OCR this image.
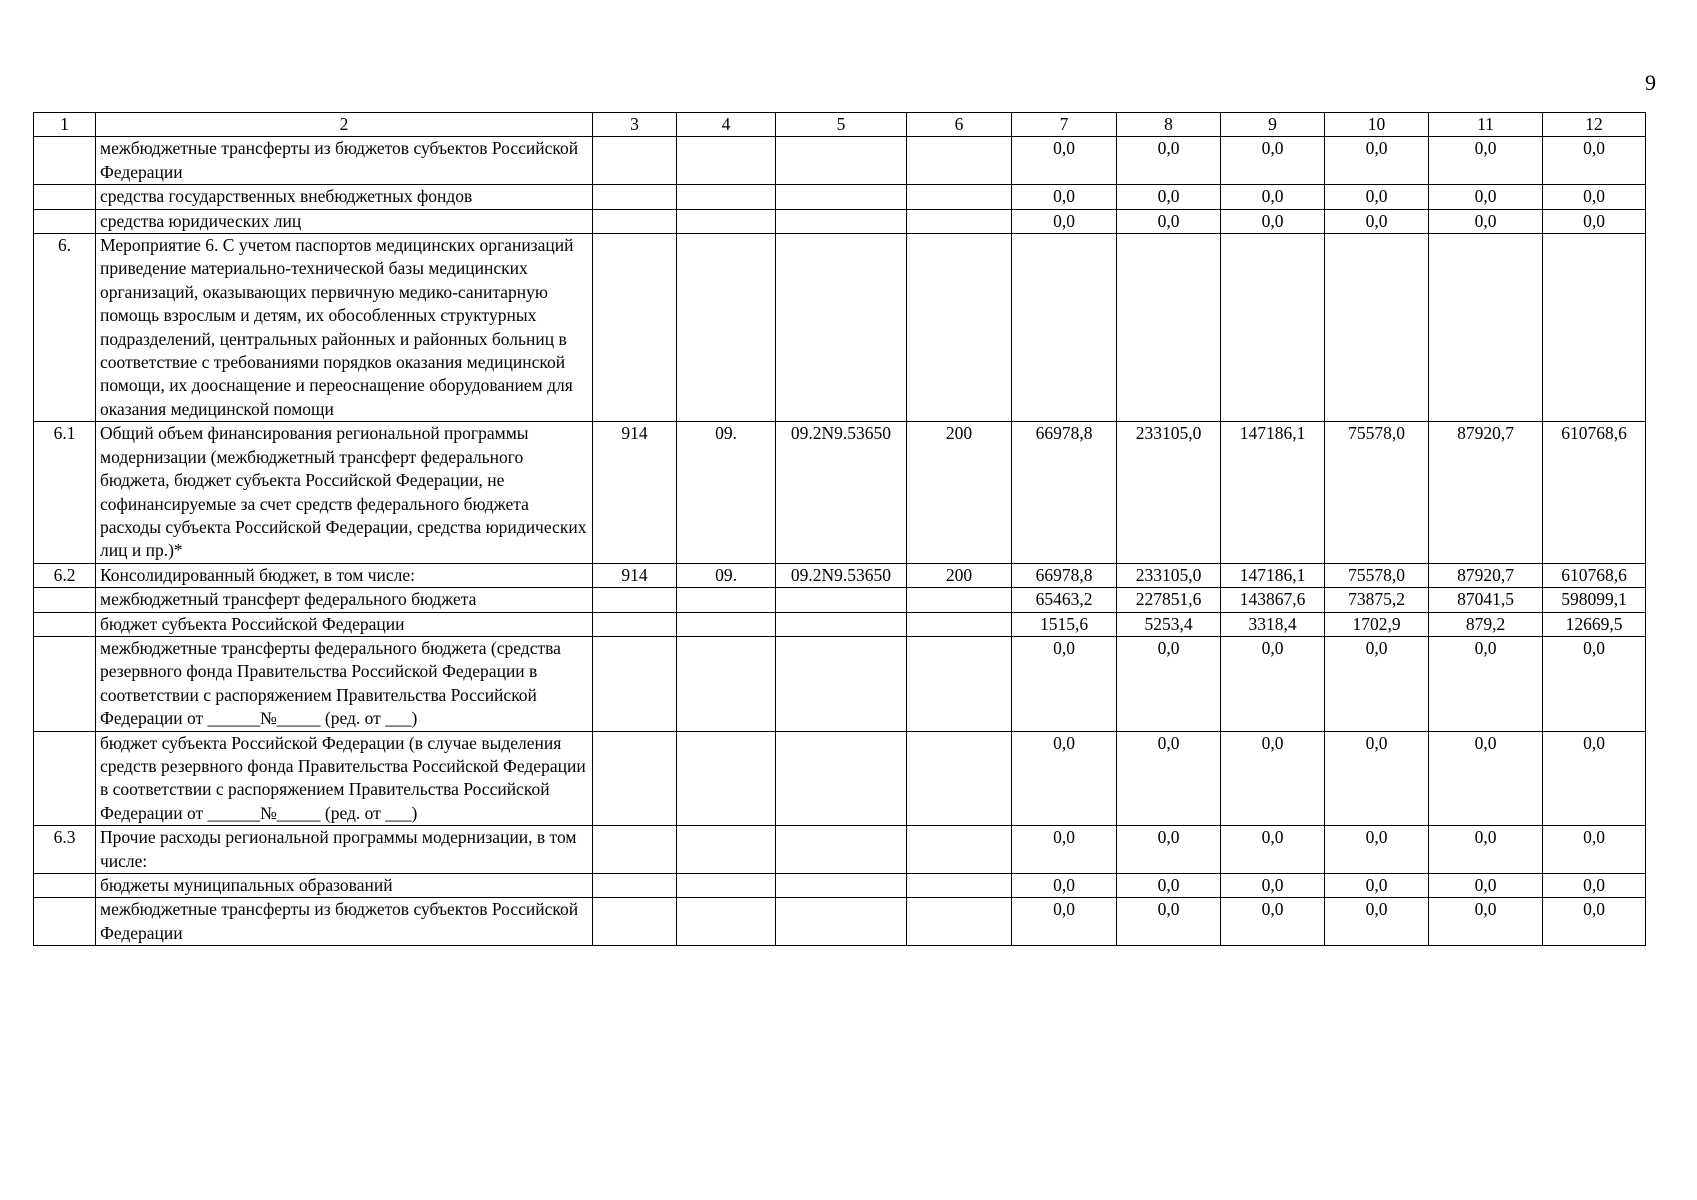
9
1	2	3	4	5	6	7	8	9	10	11	12
	межбюджетные трансферты из бюджетов субъектов Российской Федерации					0,0	0,0	0,0	0,0	0,0	0,0
	средства государственных внебюджетных фондов					0,0	0,0	0,0	0,0	0,0	0,0
	средства юридических лиц					0,0	0,0	0,0	0,0	0,0	0,0
6.	Мероприятие 6. С учетом паспортов медицинских организаций приведение материально-технической базы медицинских организаций, оказывающих первичную медико-санитарную помощь взрослым и детям, их обособленных структурных подразделений, центральных районных и районных больниц в соответствие с требованиями порядков оказания медицинской помощи, их дооснащение и переоснащение оборудованием для оказания медицинской помощи										
6.1	Общий объем финансирования региональной программы модернизации (межбюджетный трансферт федерального бюджета, бюджет субъекта Российской Федерации, не софинансируемые за счет средств федерального бюджета расходы субъекта Российской Федерации, средства юридических лиц и пр.)*	914	09.	09.2N9.53650	200	66978,8	233105,0	147186,1	75578,0	87920,7	610768,6
6.2	Консолидированный бюджет, в том числе:	914	09.	09.2N9.53650	200	66978,8	233105,0	147186,1	75578,0	87920,7	610768,6
	межбюджетный трансферт федерального бюджета					65463,2	227851,6	143867,6	73875,2	87041,5	598099,1
	бюджет субъекта Российской Федерации					1515,6	5253,4	3318,4	1702,9	879,2	12669,5
	межбюджетные трансферты федерального бюджета (средства резервного фонда Правительства Российской Федерации в соответствии с распоряжением Правительства Российской Федерации от ______№_____ (ред. от ___)					0,0	0,0	0,0	0,0	0,0	0,0
	бюджет субъекта Российской Федерации (в случае выделения средств резервного фонда Правительства Российской Федерации в соответствии с распоряжением Правительства Российской Федерации от ______№_____ (ред. от ___)					0,0	0,0	0,0	0,0	0,0	0,0
6.3	Прочие расходы региональной программы модернизации, в том числе:					0,0	0,0	0,0	0,0	0,0	0,0
	бюджеты муниципальных образований					0,0	0,0	0,0	0,0	0,0	0,0
	межбюджетные трансферты из бюджетов субъектов Российской Федерации					0,0	0,0	0,0	0,0	0,0	0,0
